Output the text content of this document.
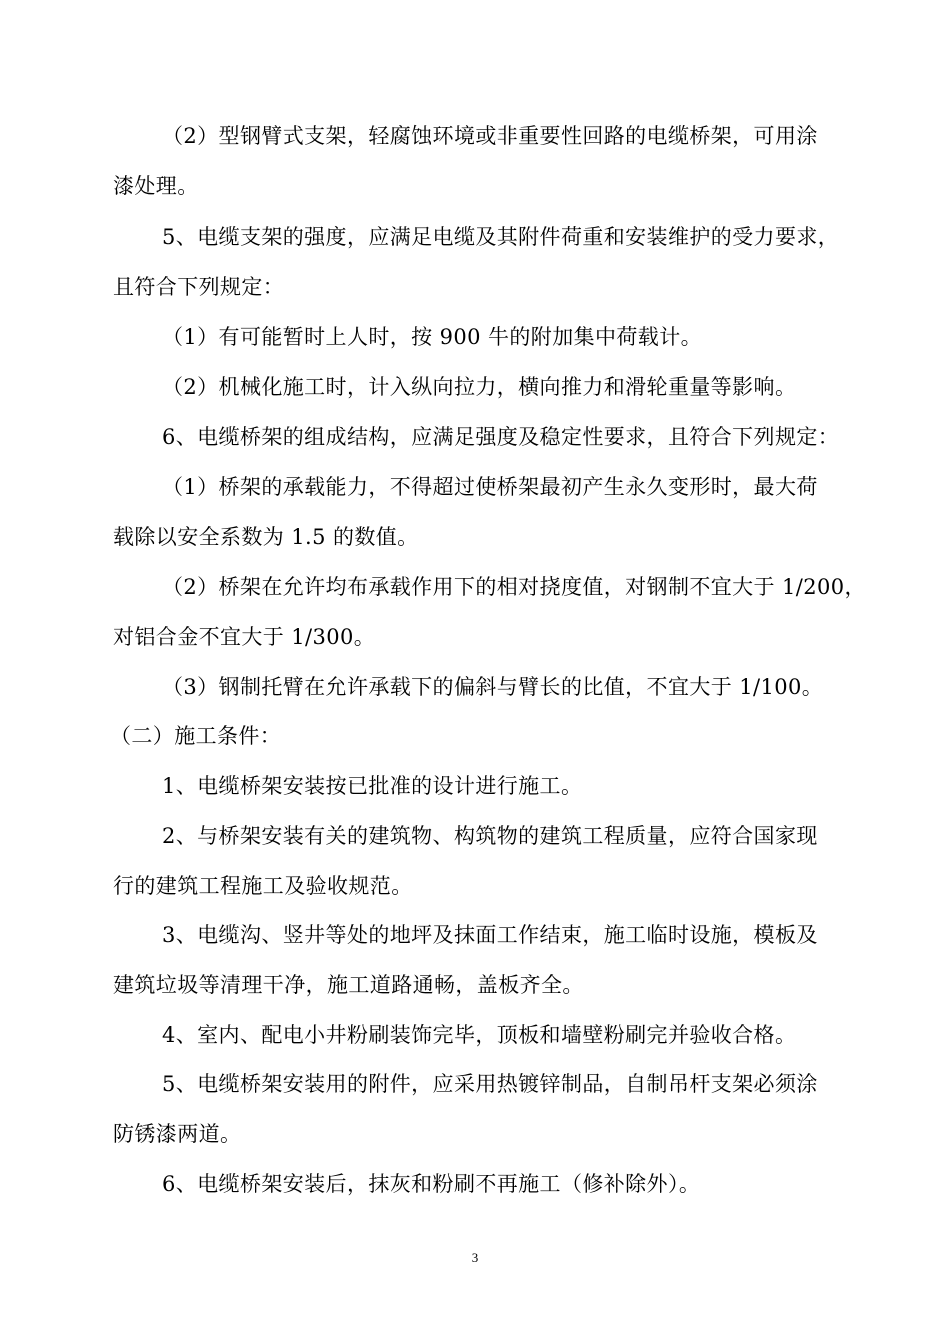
（2）型钢臂式支架，轻腐蚀环境或非重要性回路的电缆桥架，可用涂
漆处理。
5、电缆支架的强度，应满足电缆及其附件荷重和安装维护的受力要求，
且符合下列规定：
（1）有可能暂时上人时，按 900 牛的附加集中荷载计。
（2）机械化施工时，计入纵向拉力，横向推力和滑轮重量等影响。
6、电缆桥架的组成结构，应满足强度及稳定性要求，且符合下列规定：
（1）桥架的承载能力，不得超过使桥架最初产生永久变形时，最大荷
载除以安全系数为 1.5 的数值。
（2）桥架在允许均布承载作用下的相对挠度值，对钢制不宜大于 1/200，
对铝合金不宜大于 1/300。
（3）钢制托臂在允许承载下的偏斜与臂长的比值，不宜大于 1/100。
（二）施工条件：
1、电缆桥架安装按已批准的设计进行施工。
2、与桥架安装有关的建筑物、构筑物的建筑工程质量，应符合国家现
行的建筑工程施工及验收规范。
3、电缆沟、竖井等处的地坪及抹面工作结束，施工临时设施，模板及
建筑垃圾等清理干净，施工道路通畅，盖板齐全。
4、室内、配电小井粉刷装饰完毕，顶板和墙壁粉刷完并验收合格。
5、电缆桥架安装用的附件，应采用热镀锌制品，自制吊杆支架必须涂
防锈漆两道。
6、电缆桥架安装后，抹灰和粉刷不再施工（修补除外）。
3
